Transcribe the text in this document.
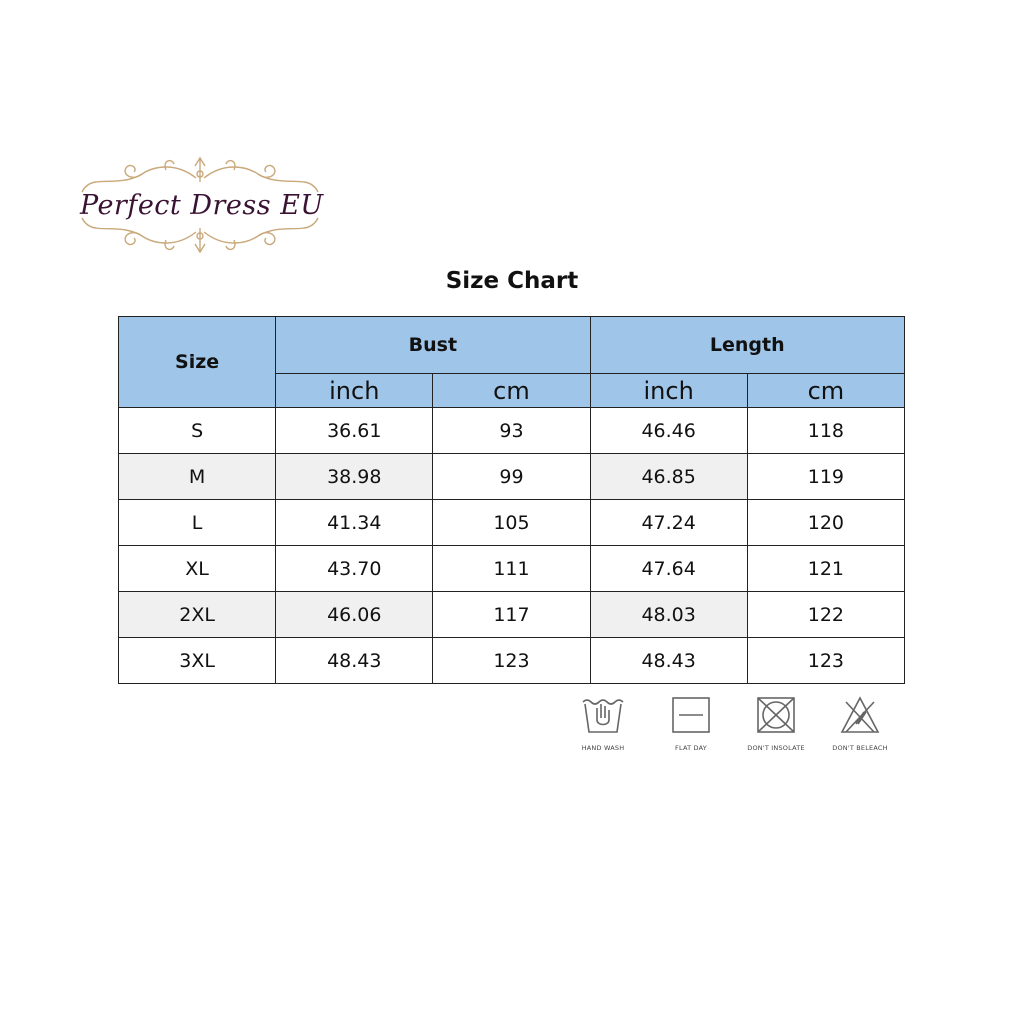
Perfect Dress EU
Size Chart
Size	Bust		Length	
	inch	cm	inch	cm
S	36.61	93	46.46	118
M	38.98	99	46.85	119
L	41.34	105	47.24	120
XL	43.70	111	47.64	121
2XL	46.06	117	48.03	122
3XL	48.43	123	48.43	123
HAND WASH	FLAT DAY	DON'T INSOLATE	DON'T BELEACH
